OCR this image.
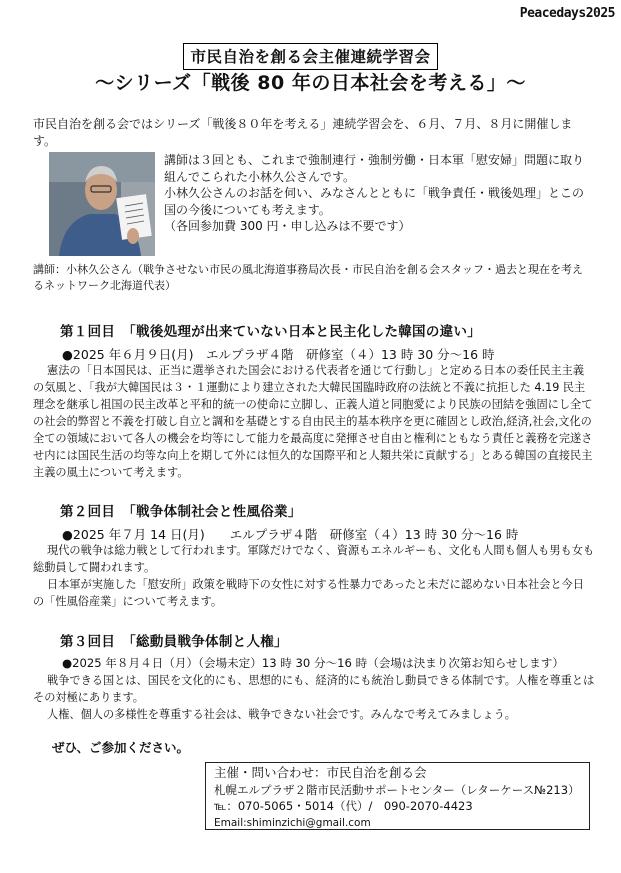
Peacedays2025
市民自治を創る会主催連続学習会
〜シリーズ「戦後 80 年の日本社会を考える」〜
市民自治を創る会ではシリーズ「戦後８０年を考える」連続学習会を、６月、７月、８月に開催します。

講師は３回とも、これまで強制連行・強制労働・日本軍「慰安婦」問題に取り組んでこられた小林久公さんです。

小林久公さんのお話を伺い、みなさんとともに「戦争責任・戦後処理」とこの国の今後についても考えます。

（各回参加費 300 円・申し込みは不要です）

講師：小林久公さん（戦争させない市民の風北海道事務局次長・市民自治を創る会スタッフ・過去と現在を考えるネットワーク北海道代表）
第１回目　「戦後処理が出来ていない日本と民主化した韓国の違い」
●2025 年６月９日(月)　エルプラザ４階　研修室（４）13 時 30 分〜16 時

憲法の「日本国民は、正当に選挙された国会における代表者を通じて行動し」と定める日本の委任民主主義の気風と、「我が大韓国民は３・１運動により建立された大韓民国臨時政府の法統と不義に抗拒した 4.19 民主理念を継承し祖国の民主改革と平和的統一の使命に立脚し、正義人道と同胞愛により民族の団結を強固にし全ての社会的弊習と不義を打破し自立と調和を基礎とする自由民主的基本秩序を更に確固とし政治,経済,社会,文化の全ての領域において各人の機会を均等にして能力を最高度に発揮させ自由と権利にともなう責任と義務を完遂させ内には国民生活の均等な向上を期して外には恒久的な国際平和と人類共栄に貢献する」とある韓国の直接民主主義の風土について考えます。

第２回目　「戦争体制社会と性風俗業」
●2025 年７月 14 日(月)　　エルプラザ４階　研修室（４）13 時 30 分〜16 時

現代の戦争は総力戦として行われます。軍隊だけでなく、資源もエネルギーも、文化も人間も個人も男も女も総動員して闘われます。

日本軍が実施した「慰安所」政策を戦時下の女性に対する性暴力であったと未だに認めない日本社会と今日の「性風俗産業」について考えます。

第３回目　「総動員戦争体制と人権」
●2025 年８月４日（月）（会場未定）13 時 30 分〜16 時（会場は決まり次第お知らせします）

戦争できる国とは、国民を文化的にも、思想的にも、経済的にも統治し動員できる体制です。人権を尊重とはその対極にあります。

人権、個人の多様性を尊重する社会は、戦争できない社会です。みんなで考えてみましょう。

ぜひ、ご参加ください。
主催・問い合わせ：市民自治を創る会
札幌エルプラザ２階市民活動サポートセンター（レターケース№213）
℡：070-5065・5014（代）/　090-2070-4423
Email:shiminzichi@gmail.com
